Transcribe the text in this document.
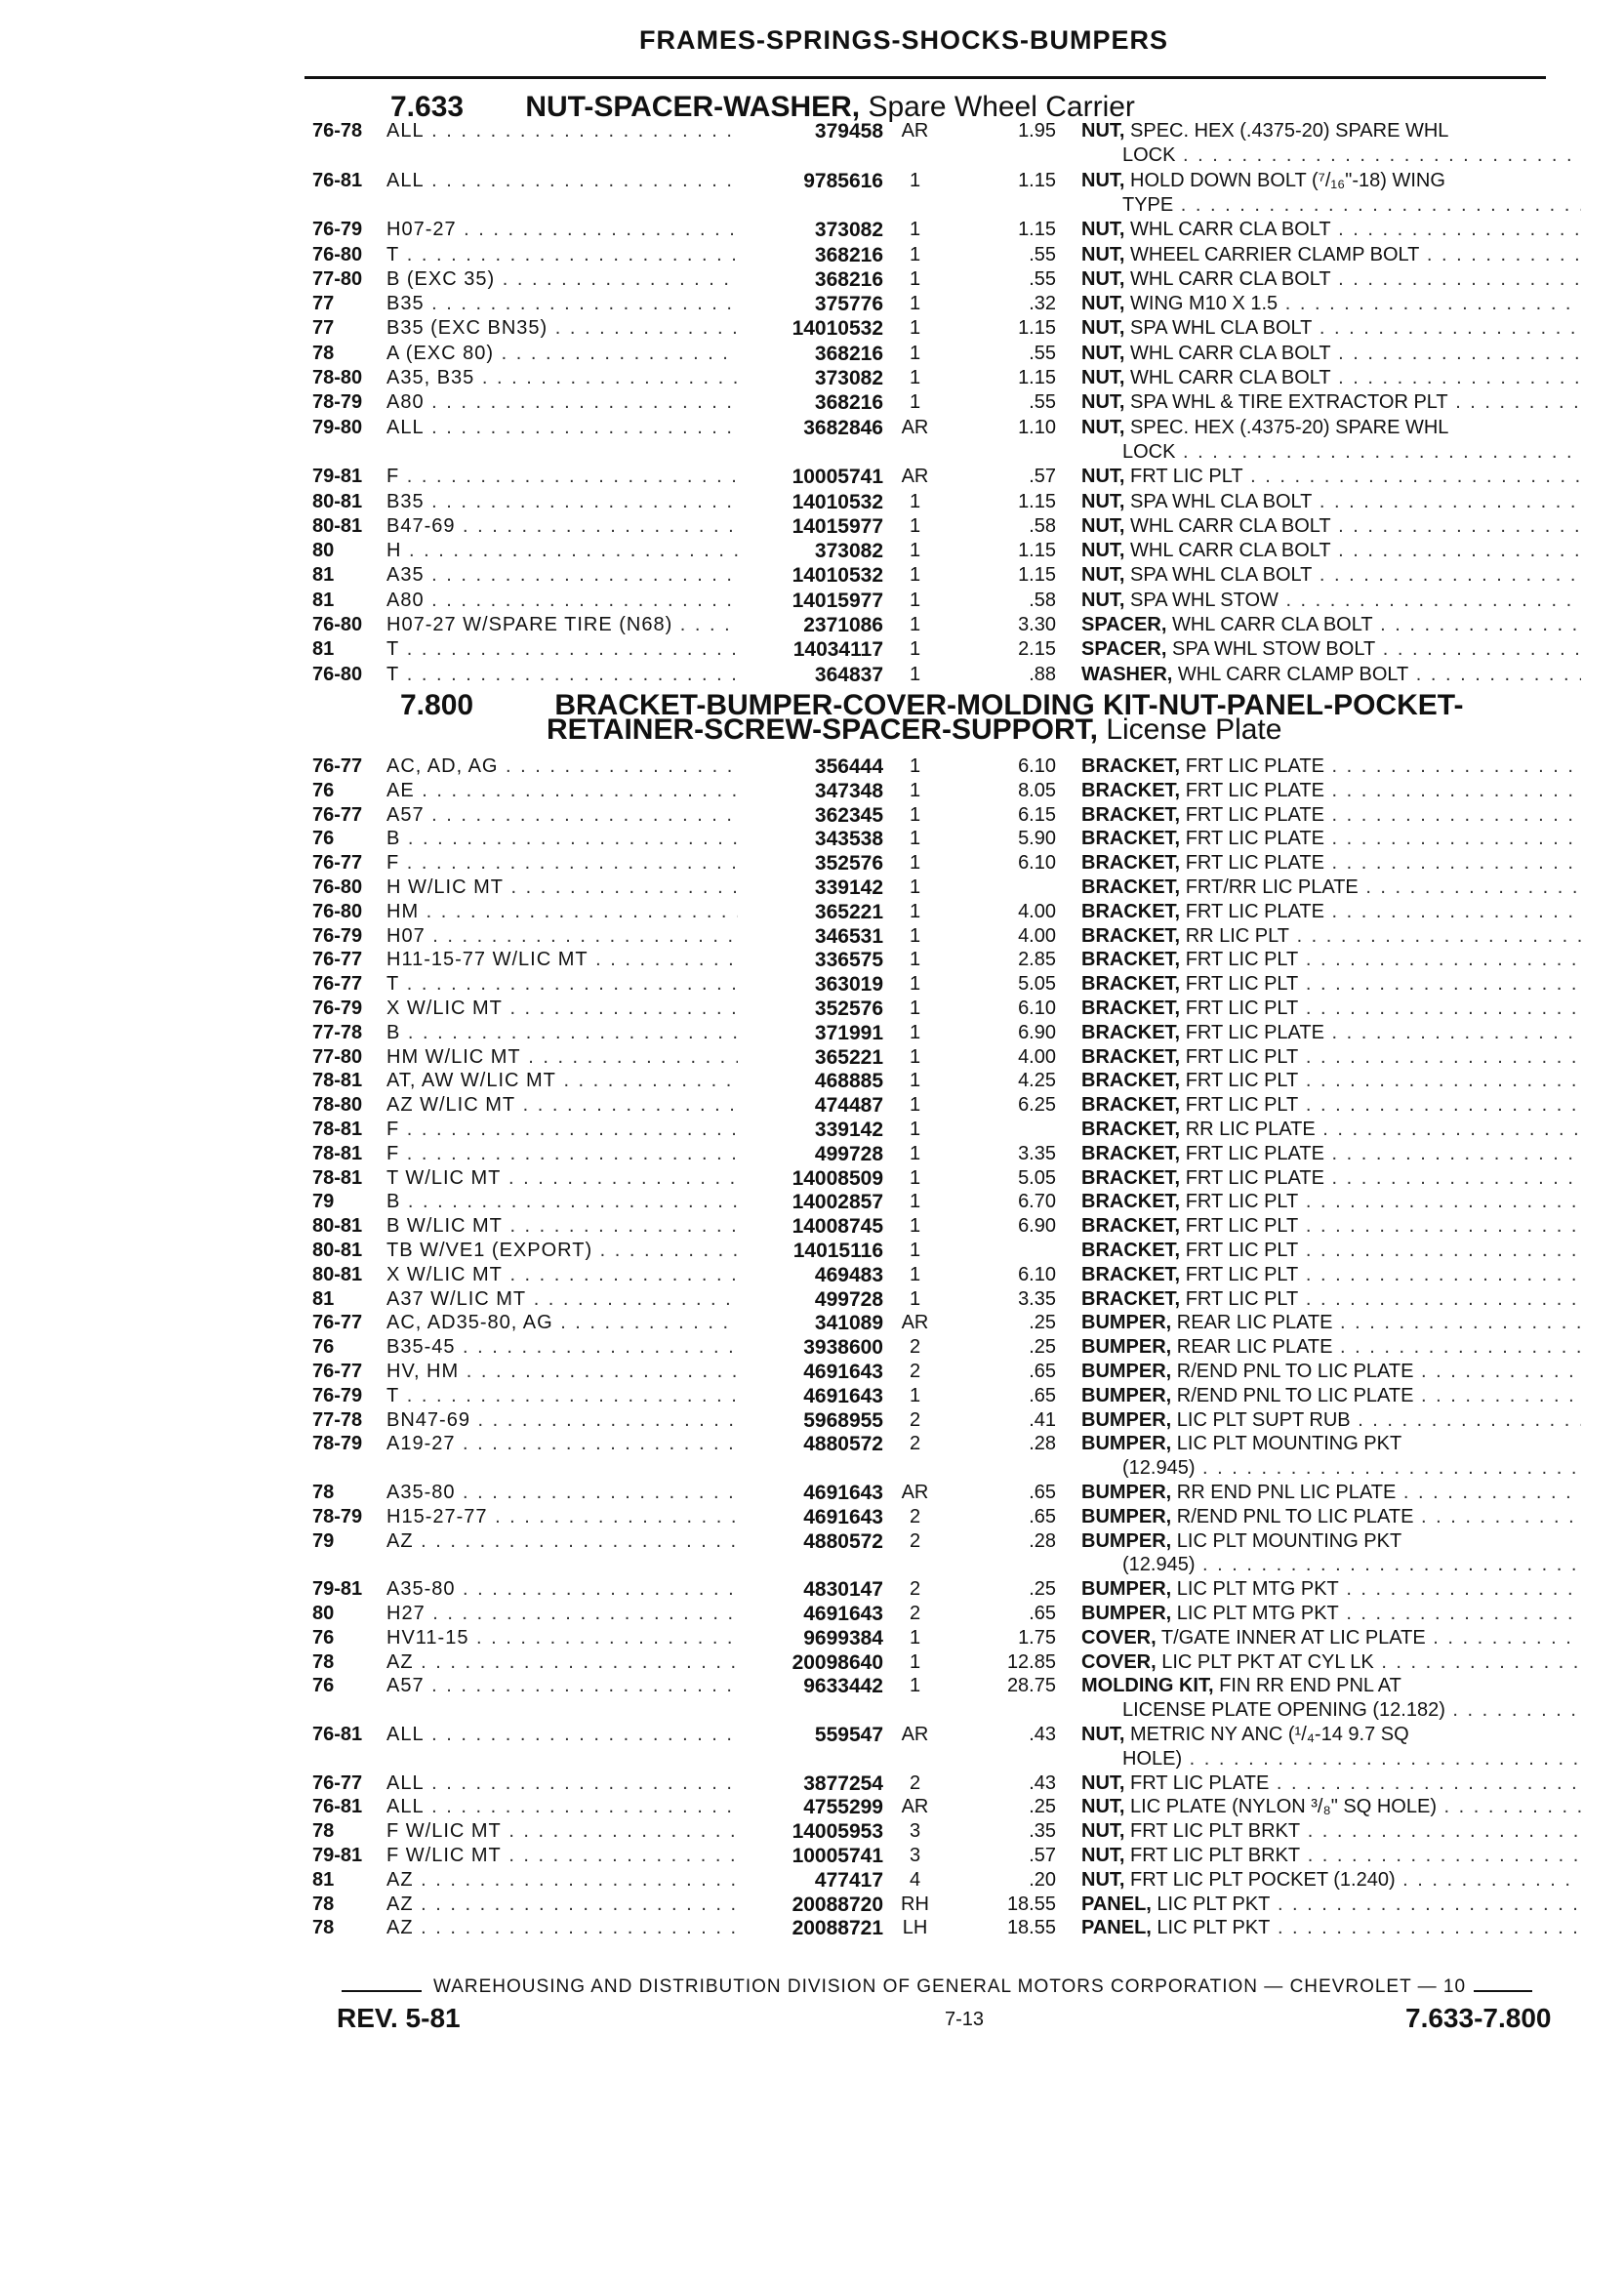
FRAMES-SPRINGS-SHOCKS-BUMPERS
7.633 NUT-SPACER-WASHER, Spare Wheel Carrier
76-78	ALL . . .	379458 AR	1.95 NUT, SPEC. HEX (.4375-20) SPARE WHL
LOCK . . .
76-81	ALL . . .	9785616	1	1.15 NUT, HOLD DOWN BOLT (⁷/₁₆"-18) WING
TYPE . . .
76-79	H07-27 . . .	373082	1	1.15 NUT, WHL CARR CLA BOLT . . .
76-80	T . . .	368216	1	.55 NUT, WHEEL CARRIER CLAMP BOLT . . .
77-80	B (EXC 35) . . .	368216	1	.55 NUT, WHL CARR CLA BOLT . . .
77	B35 . . .	375776	1	.32 NUT, WING M10 X 1.5 . . .
77	B35 (EXC BN35) . . .	14010532	1	1.15 NUT, SPA WHL CLA BOLT . . .
78	A (EXC 80) . . .	368216	1	.55 NUT, WHL CARR CLA BOLT . . .
78-80	A35, B35 . . .	373082	1	1.15 NUT, WHL CARR CLA BOLT . . .
78-79	A80 . . .	368216	1	.55 NUT, SPA WHL & TIRE EXTRACTOR PLT . . .
79-80	ALL . . .	3682846 AR	1.10 NUT, SPEC. HEX (.4375-20) SPARE WHL
LOCK . . .
79-81	F . . .	10005741 AR	.57 NUT, FRT LIC PLT . . .
80-81	B35 . . .	14010532	1	1.15 NUT, SPA WHL CLA BOLT . . .
80-81	B47-69 . . .	14015977	1	.58 NUT, WHL CARR CLA BOLT . . .
80	H . . .	373082	1	1.15 NUT, WHL CARR CLA BOLT . . .
81	A35 . . .	14010532	1	1.15 NUT, SPA WHL CLA BOLT . . .
81	A80 . . .	14015977	1	.58 NUT, SPA WHL STOW . . .
76-80	H07-27 W/SPARE TIRE (N68) . . .	2371086	1	3.30 SPACER, WHL CARR CLA BOLT . . .
81	T . . .	14034117	1	2.15 SPACER, SPA WHL STOW BOLT . . .
76-80	T . . .	364837	1	.88 WASHER, WHL CARR CLAMP BOLT . . .
7.800	BRACKET-BUMPER-COVER-MOLDING KIT-NUT-PANEL-POCKET-
RETAINER-SCREW-SPACER-SUPPORT, License Plate
76-77	AC, AD, AG . . .	356444	1	6.10 BRACKET, FRT LIC PLATE . . .
76	AE . . .	347348	1	8.05 BRACKET, FRT LIC PLATE . . .
76-77	A57 . . .	362345	1	6.15 BRACKET, FRT LIC PLATE . . .
76	B . . .	343538	1	5.90 BRACKET, FRT LIC PLATE . . .
76-77	F . . .	352576	1	6.10 BRACKET, FRT LIC PLATE . . .
76-80	H W/LIC MT . . .	339142	1	BRACKET, FRT/RR LIC PLATE . . .
76-80	HM . . .	365221	1	4.00 BRACKET, FRT LIC PLATE . . .
76-79	H07 . . .	346531	1	4.00 BRACKET, RR LIC PLT . . .
76-77	H11-15-77 W/LIC MT . . .	336575	1	2.85 BRACKET, FRT LIC PLT . . .
76-77	T . . .	363019	1	5.05 BRACKET, FRT LIC PLT . . .
76-79	X W/LIC MT . . .	352576	1	6.10 BRACKET, FRT LIC PLT . . .
77-78	B . . .	371991	1	6.90 BRACKET, FRT LIC PLATE . . .
77-80	HM W/LIC MT . . .	365221	1	4.00 BRACKET, FRT LIC PLT . . .
78-81	AT, AW W/LIC MT . . .	468885	1	4.25 BRACKET, FRT LIC PLT . . .
78-80	AZ W/LIC MT . . .	474487	1	6.25 BRACKET, FRT LIC PLT . . .
78-81	F . . .	339142	1	BRACKET, RR LIC PLATE . . .
78-81	F . . .	499728	1	3.35 BRACKET, FRT LIC PLATE . . .
78-81	T W/LIC MT . . .	14008509	1	5.05 BRACKET, FRT LIC PLATE . . .
79	B . . .	14002857	1	6.70 BRACKET, FRT LIC PLT . . .
80-81	B W/LIC MT . . .	14008745	1	6.90 BRACKET, FRT LIC PLT . . .
80-81	TB W/VE1 (EXPORT) . . .	14015116	1	BRACKET, FRT LIC PLT . . .
80-81	X W/LIC MT . . .	469483	1	6.10 BRACKET, FRT LIC PLT . . .
81	A37 W/LIC MT . . .	499728	1	3.35 BRACKET, FRT LIC PLT . . .
76-77	AC, AD35-80, AG . . .	341089 AR	.25 BUMPER, REAR LIC PLATE . . .
76	B35-45 . . .	3938600	2	.25 BUMPER, REAR LIC PLATE . . .
76-77	HV, HM . . .	4691643	2	.65 BUMPER, R/END PNL TO LIC PLATE . . .
76-79	T . . .	4691643	1	.65 BUMPER, R/END PNL TO LIC PLATE . . .
77-78	BN47-69 . . .	5968955	2	.41 BUMPER, LIC PLT SUPT RUB . . .
78-79	A19-27 . . .	4880572	2	.28 BUMPER, LIC PLT MOUNTING PKT
(12.945) . . .
78	A35-80 . . .	4691643 AR	.65 BUMPER, RR END PNL LIC PLATE . . .
78-79	H15-27-77 . . .	4691643	2	.65 BUMPER, R/END PNL TO LIC PLATE . . .
79	AZ . . .	4880572	2	.28 BUMPER, LIC PLT MOUNTING PKT
(12.945) . . .
79-81	A35-80 . . .	4830147	2	.25 BUMPER, LIC PLT MTG PKT . . .
80	H27 . . .	4691643	2	.65 BUMPER, LIC PLT MTG PKT . . .
76	HV11-15 . . .	9699384	1	1.75 COVER, T/GATE INNER AT LIC PLATE . . .
78	AZ . . .	20098640	1	12.85 COVER, LIC PLT PKT AT CYL LK . . .
76	A57 . . .	9633442	1	28.75 MOLDING KIT, FIN RR END PNL AT
LICENSE PLATE OPENING (12.182) . . .
76-81	ALL . . .	559547 AR	.43 NUT, METRIC NY ANC (¹/₄-14 9.7 SQ
HOLE) . . .
76-77	ALL . . .	3877254	2	.43 NUT, FRT LIC PLATE . . .
76-81	ALL . . .	4755299 AR	.25 NUT, LIC PLATE (NYLON ³/₈" SQ HOLE) . . .
78	F W/LIC MT . . .	14005953	3	.35 NUT, FRT LIC PLT BRKT . . .
79-81	F W/LIC MT . . .	10005741	3	.57 NUT, FRT LIC PLT BRKT . . .
81	AZ . . .	477417	4	.20 NUT, FRT LIC PLT POCKET (1.240) . . .
78	AZ . . .	20088720 RH	18.55 PANEL, LIC PLT PKT . . .
78	AZ . . .	20088721 LH	18.55 PANEL, LIC PLT PKT . . .
WAREHOUSING AND DISTRIBUTION DIVISION OF GENERAL MOTORS CORPORATION — CHEVROLET — 10
REV. 5-81	7-13	7.633-7.800
